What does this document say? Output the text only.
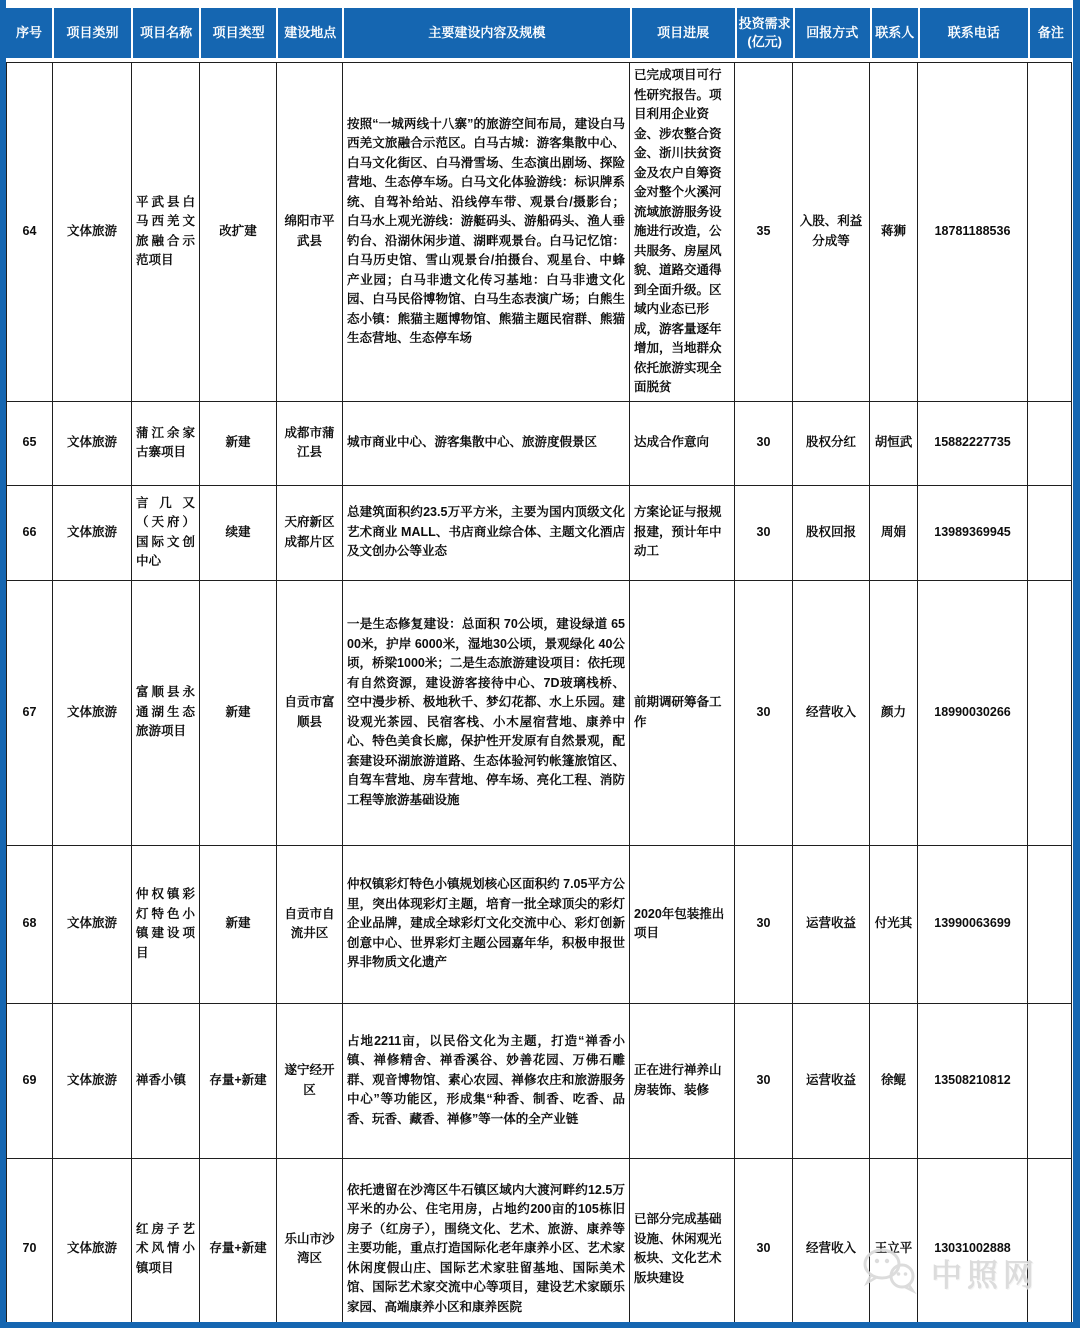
序号	项目类别	项目名称	项目类型	建设地点	主要建设内容及规模	项目进展	投资需求(亿元)	回报方式	联系人	联系电话	备注
64	文体旅游	平武县白马西羌文旅融合示范项目	改扩建	绵阳市平武县	按照“一城两线十八寨”的旅游空间布局，建设白马西羌文旅融合示范区。白马古城：游客集散中心、白马文化街区、白马滑雪场、生态演出剧场、探险营地、生态停车场。白马文化体验游线：标识牌系统、自驾补给站、沿线停车带、观景台/摄影台；白马水上观光游线：游艇码头、游船码头、渔人垂钓台、沿湖休闲步道、湖畔观景台。白马记忆馆：白马历史馆、雪山观景台/拍摄台、观星台、中蜂产业园；白马非遗文化传习基地：白马非遗文化园、白马民俗博物馆、白马生态表演广场；白熊生态小镇：熊猫主题博物馆、熊猫主题民宿群、熊猫生态营地、生态停车场	已完成项目可行性研究报告。项目利用企业资金、涉农整合资金、浙川扶贫资金及农户自筹资金对整个火溪河流域旅游服务设施进行改造，公共服务、房屋风貌、道路交通得到全面升级。区域内业态已形成，游客量逐年增加，当地群众依托旅游实现全面脱贫	35	入股、利益分成等	蒋狮	18781188536	
65	文体旅游	蒲江余家古寨项目	新建	成都市蒲江县	城市商业中心、游客集散中心、旅游度假景区	达成合作意向	30	股权分红	胡恒武	15882227735	
66	文体旅游	言几又（天府）国际文创中心	续建	天府新区成都片区	总建筑面积约23.5万平方米，主要为国内顶级文化艺术商业 MALL、书店商业综合体、主题文化酒店及文创办公等业态	方案论证与报规报建，预计年中动工	30	股权回报	周娟	13989369945	
67	文体旅游	富顺县永通湖生态旅游项目	新建	自贡市富顺县	一是生态修复建设：总面积 70公顷，建设绿道 6500米，护岸 6000米，湿地30公顷，景观绿化 40公顷，桥梁1000米；二是生态旅游建设项目：依托现有自然资源，建设游客接待中心、7D玻璃栈桥、空中漫步桥、极地秋千、梦幻花都、水上乐园。建设观光茶园、民宿客栈、小木屋宿营地、康养中心、特色美食长廊，保护性开发原有自然景观，配套建设环湖旅游道路、生态体验河钓帐篷旅馆区、自驾车营地、房车营地、停车场、亮化工程、消防工程等旅游基础设施	前期调研筹备工作	30	经营收入	颜力	18990030266	
68	文体旅游	仲权镇彩灯特色小镇建设项目	新建	自贡市自流井区	仲权镇彩灯特色小镇规划核心区面积约 7.05平方公里，突出体现彩灯主题，培育一批全球顶尖的彩灯企业品牌，建成全球彩灯文化交流中心、彩灯创新创意中心、世界彩灯主题公园嘉年华，积极申报世界非物质文化遗产	2020年包装推出项目	30	运营收益	付光其	13990063699	
69	文体旅游	禅香小镇	存量+新建	遂宁经开区	占地2211亩，以民俗文化为主题，打造“禅香小镇、禅修精舍、禅香溪谷、妙善花园、万佛石雕群、观音博物馆、素心农园、禅修农庄和旅游服务中心”等功能区，形成集“种香、制香、吃香、品香、玩香、藏香、禅修”等一体的全产业链	正在进行禅养山房装饰、装修	30	运营收益	徐鲲	13508210812	
70	文体旅游	红房子艺术风情小镇项目	存量+新建	乐山市沙湾区	依托遗留在沙湾区牛石镇区域内大渡河畔约12.5万平米的办公、住宅用房，占地约200亩的105栋旧房子（红房子），围绕文化、艺术、旅游、康养等主要功能，重点打造国际化老年康养小区、艺术家休闲度假山庄、国际艺术家驻留基地、国际美术馆、国际艺术家交流中心等项目，建设艺术家颐乐家园、高端康养小区和康养医院	已部分完成基础设施、休闲观光板块、文化艺术版块建设	30	经营收入	王立平	13031002888	
中照网
